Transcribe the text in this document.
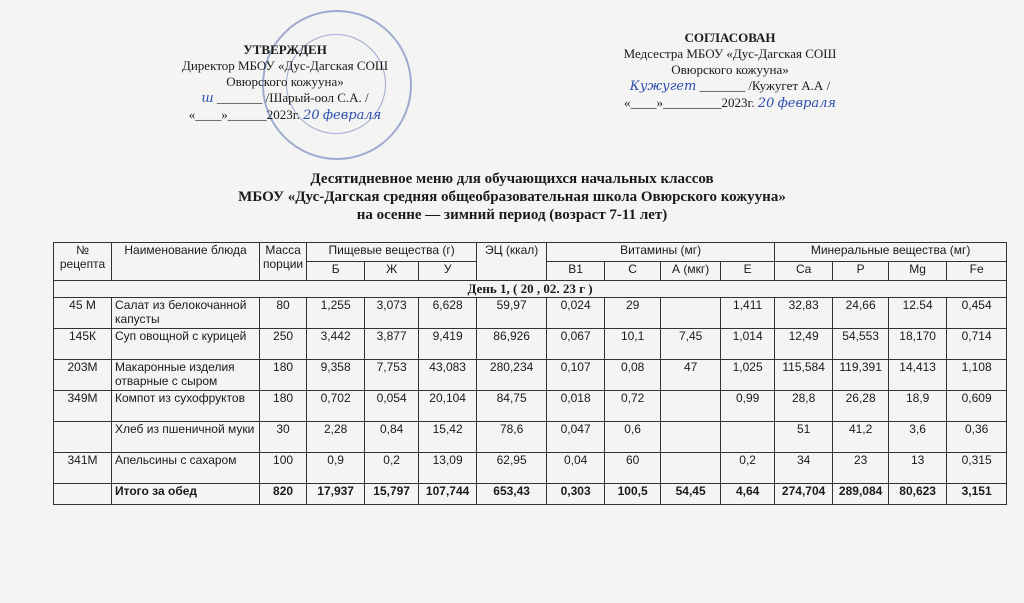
УТВЕРЖДЕН
Директор МБОУ «Дус-Дагская СОШ
Овюрского кожууна»
ш _______ /Шарый-оол С.А. /
«____»______2023г. 20 февраля
СОГЛАСОВАН
Медсестра МБОУ «Дус-Дагская СОШ
Овюрского кожууна»
Кужугет _______ /Кужугет А.А /
«____»_________2023г. 20 февраля
Десятидневное меню для обучающихся начальных классов
МБОУ «Дус-Дагская средняя общеобразовательная школа Овюрского кожууна»
на осенне — зимний период (возраст 7-11 лет)
№ рецепта	Наименование блюда	Масса порции	Пищевые вещества (г)			ЭЦ (ккал)	Витамины (мг)				Минеральные вещества (мг)			
			Б	Ж	У		В1	С	А (мкг)	Е	Ca	P	Mg	Fe
День 1, ( 20 , 02. 23 г )														
45 М	Салат из белокочанной капусты	80	1,255	3,073	6,628	59,97	0,024	29		1,411	32,83	24,66	12.54	0,454
145К	Суп овощной с курицей	250	3,442	3,877	9,419	86,926	0,067	10,1	7,45	1,014	12,49	54,553	18,170	0,714
203М	Макаронные изделия отварные с сыром	180	9,358	7,753	43,083	280,234	0,107	0,08	47	1,025	115,584	119,391	14,413	1,108
349М	Компот из сухофруктов	180	0,702	0,054	20,104	84,75	0,018	0,72		0,99	28,8	26,28	18,9	0,609
	Хлеб из пшеничной муки	30	2,28	0,84	15,42	78,6	0,047	0,6			51	41,2	3,6	0,36
341М	Апельсины с сахаром	100	0,9	0,2	13,09	62,95	0,04	60		0,2	34	23	13	0,315
	Итого за обед	820	17,937	15,797	107,744	653,43	0,303	100,5	54,45	4,64	274,704	289,084	80,623	3,151
